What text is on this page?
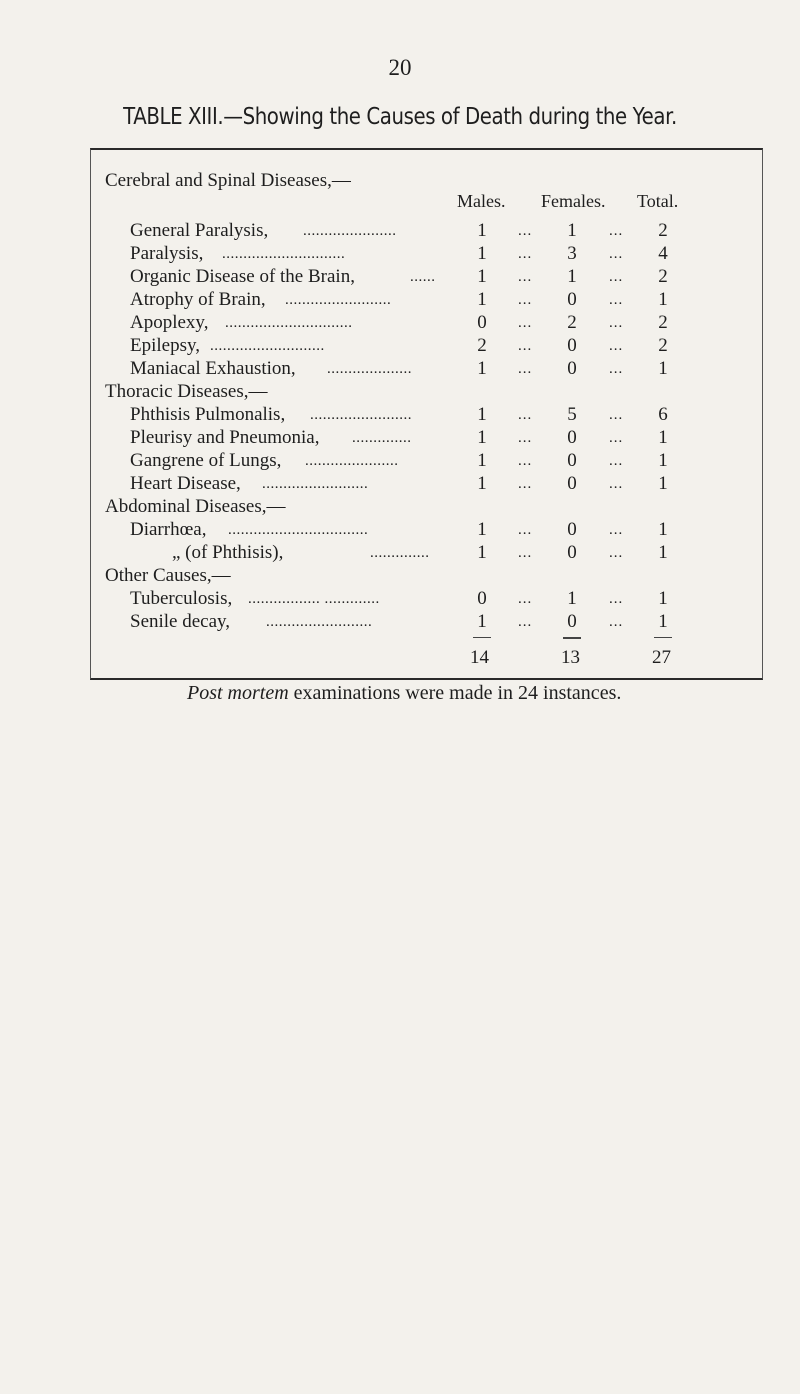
20
TABLE XIII.—Showing the Causes of Death during the Year.
Cerebral and Spinal Diseases,—
Males. Females. Total.
General Paralysis, ......................	1	... 1	... 2
Paralysis, .............................	1	... 3	... 4
Organic Disease of the Brain,	......	1	... 1	... 2
Atrophy of Brain, .........................	1	... 0	... 1
Apoplexy, ..............................	0	... 2	... 2
Epilepsy, ...........................	2	... 0	... 2
Maniacal Exhaustion, ....................	1	... 0	... 1
Thoracic Diseases,—
Phthisis Pulmonalis, ........................	1	... 5	... 6
Pleurisy and Pneumonia, ..............	1	... 0	... 1
Gangrene of Lungs, ......................	1	... 0	... 1
Heart Disease, .........................	1	... 0	... 1
Abdominal Diseases,—
Diarrhœa, .................................	1	... 0	... 1
„ (of Phthisis),	..............	1	... 0	... 1
Other Causes,—
Tuberculosis, ................. .............	0	... 1	... 1
Senile decay, .........................	1	... 0	... 1
14	13	27
Post mortem examinations were made in 24 instances.
